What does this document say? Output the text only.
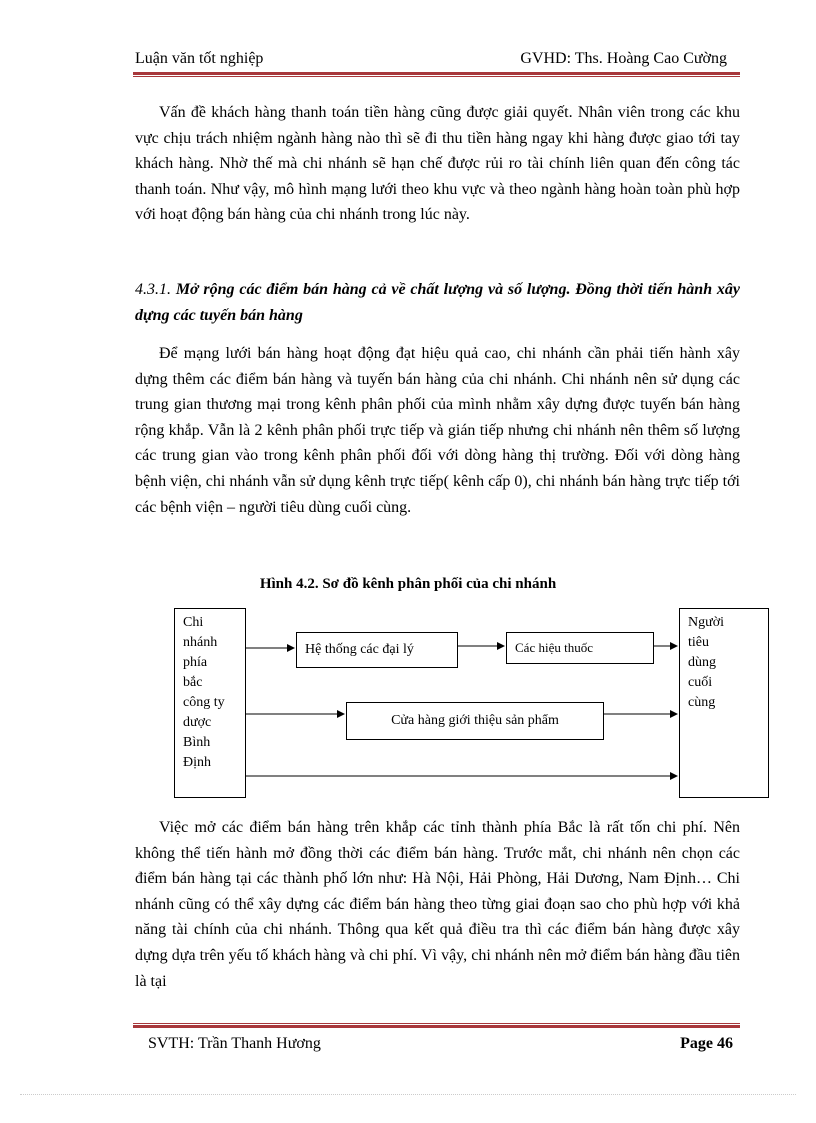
Luận văn tốt nghiệp	GVHD: Ths. Hoàng Cao Cường

Vấn đề khách hàng thanh toán tiền hàng cũng được giải quyết. Nhân viên trong các khu vực chịu trách nhiệm ngành hàng nào thì sẽ đi thu tiền hàng ngay khi hàng được giao tới tay khách hàng. Nhờ thế mà chi nhánh sẽ hạn chế được rủi ro tài chính liên quan đến công tác thanh toán. Như vậy, mô hình mạng lưới theo khu vực và theo ngành hàng hoàn toàn phù hợp với hoạt động bán hàng của chi nhánh trong lúc này.

4.3.1. Mở rộng các điểm bán hàng cả về chất lượng và số lượng. Đồng thời tiến hành xây dựng các tuyến bán hàng

Để mạng lưới bán hàng hoạt động đạt hiệu quả cao, chi nhánh cần phải tiến hành xây dựng thêm các điểm bán hàng và tuyến bán hàng của chi nhánh. Chi nhánh nên sử dụng các trung gian thương mại trong kênh phân phối của mình nhằm xây dựng được tuyến bán hàng rộng khắp. Vẫn là 2 kênh phân phối trực tiếp và gián tiếp nhưng chi nhánh nên thêm số lượng các trung gian vào trong kênh phân phối đối với dòng hàng thị trường. Đối với dòng hàng bệnh viện, chi nhánh vẫn sử dụng kênh trực tiếp( kênh cấp 0), chi nhánh bán hàng trực tiếp tới các bệnh viện – người tiêu dùng cuối cùng.

Hình 4.2. Sơ đồ kênh phân phối của chi nhánh
Chi
nhánh
phía
bắc
công ty
dược
Bình
Định
Hệ thống các đại lý	Các hiệu thuốc
Cửa hàng giới thiệu sản phẩm
Người
tiêu
dùng
cuối
cùng

Việc mở các điểm bán hàng trên khắp các tỉnh thành phía Bắc là rất tốn chi phí. Nên không thể tiến hành mở đồng thời các điểm bán hàng. Trước mắt, chi nhánh nên chọn các điểm bán hàng tại các thành phố lớn như: Hà Nội, Hải Phòng, Hải Dương, Nam Định… Chi nhánh cũng có thể xây dựng các điểm bán hàng theo từng giai đoạn sao cho phù hợp với khả năng tài chính của chi nhánh. Thông qua kết quả điều tra thì các điểm bán hàng được xây dựng dựa trên yếu tố khách hàng và chi phí. Vì vậy, chi nhánh nên mở điểm bán hàng đầu tiên là tại

SVTH: Trần Thanh Hương	Page 46
